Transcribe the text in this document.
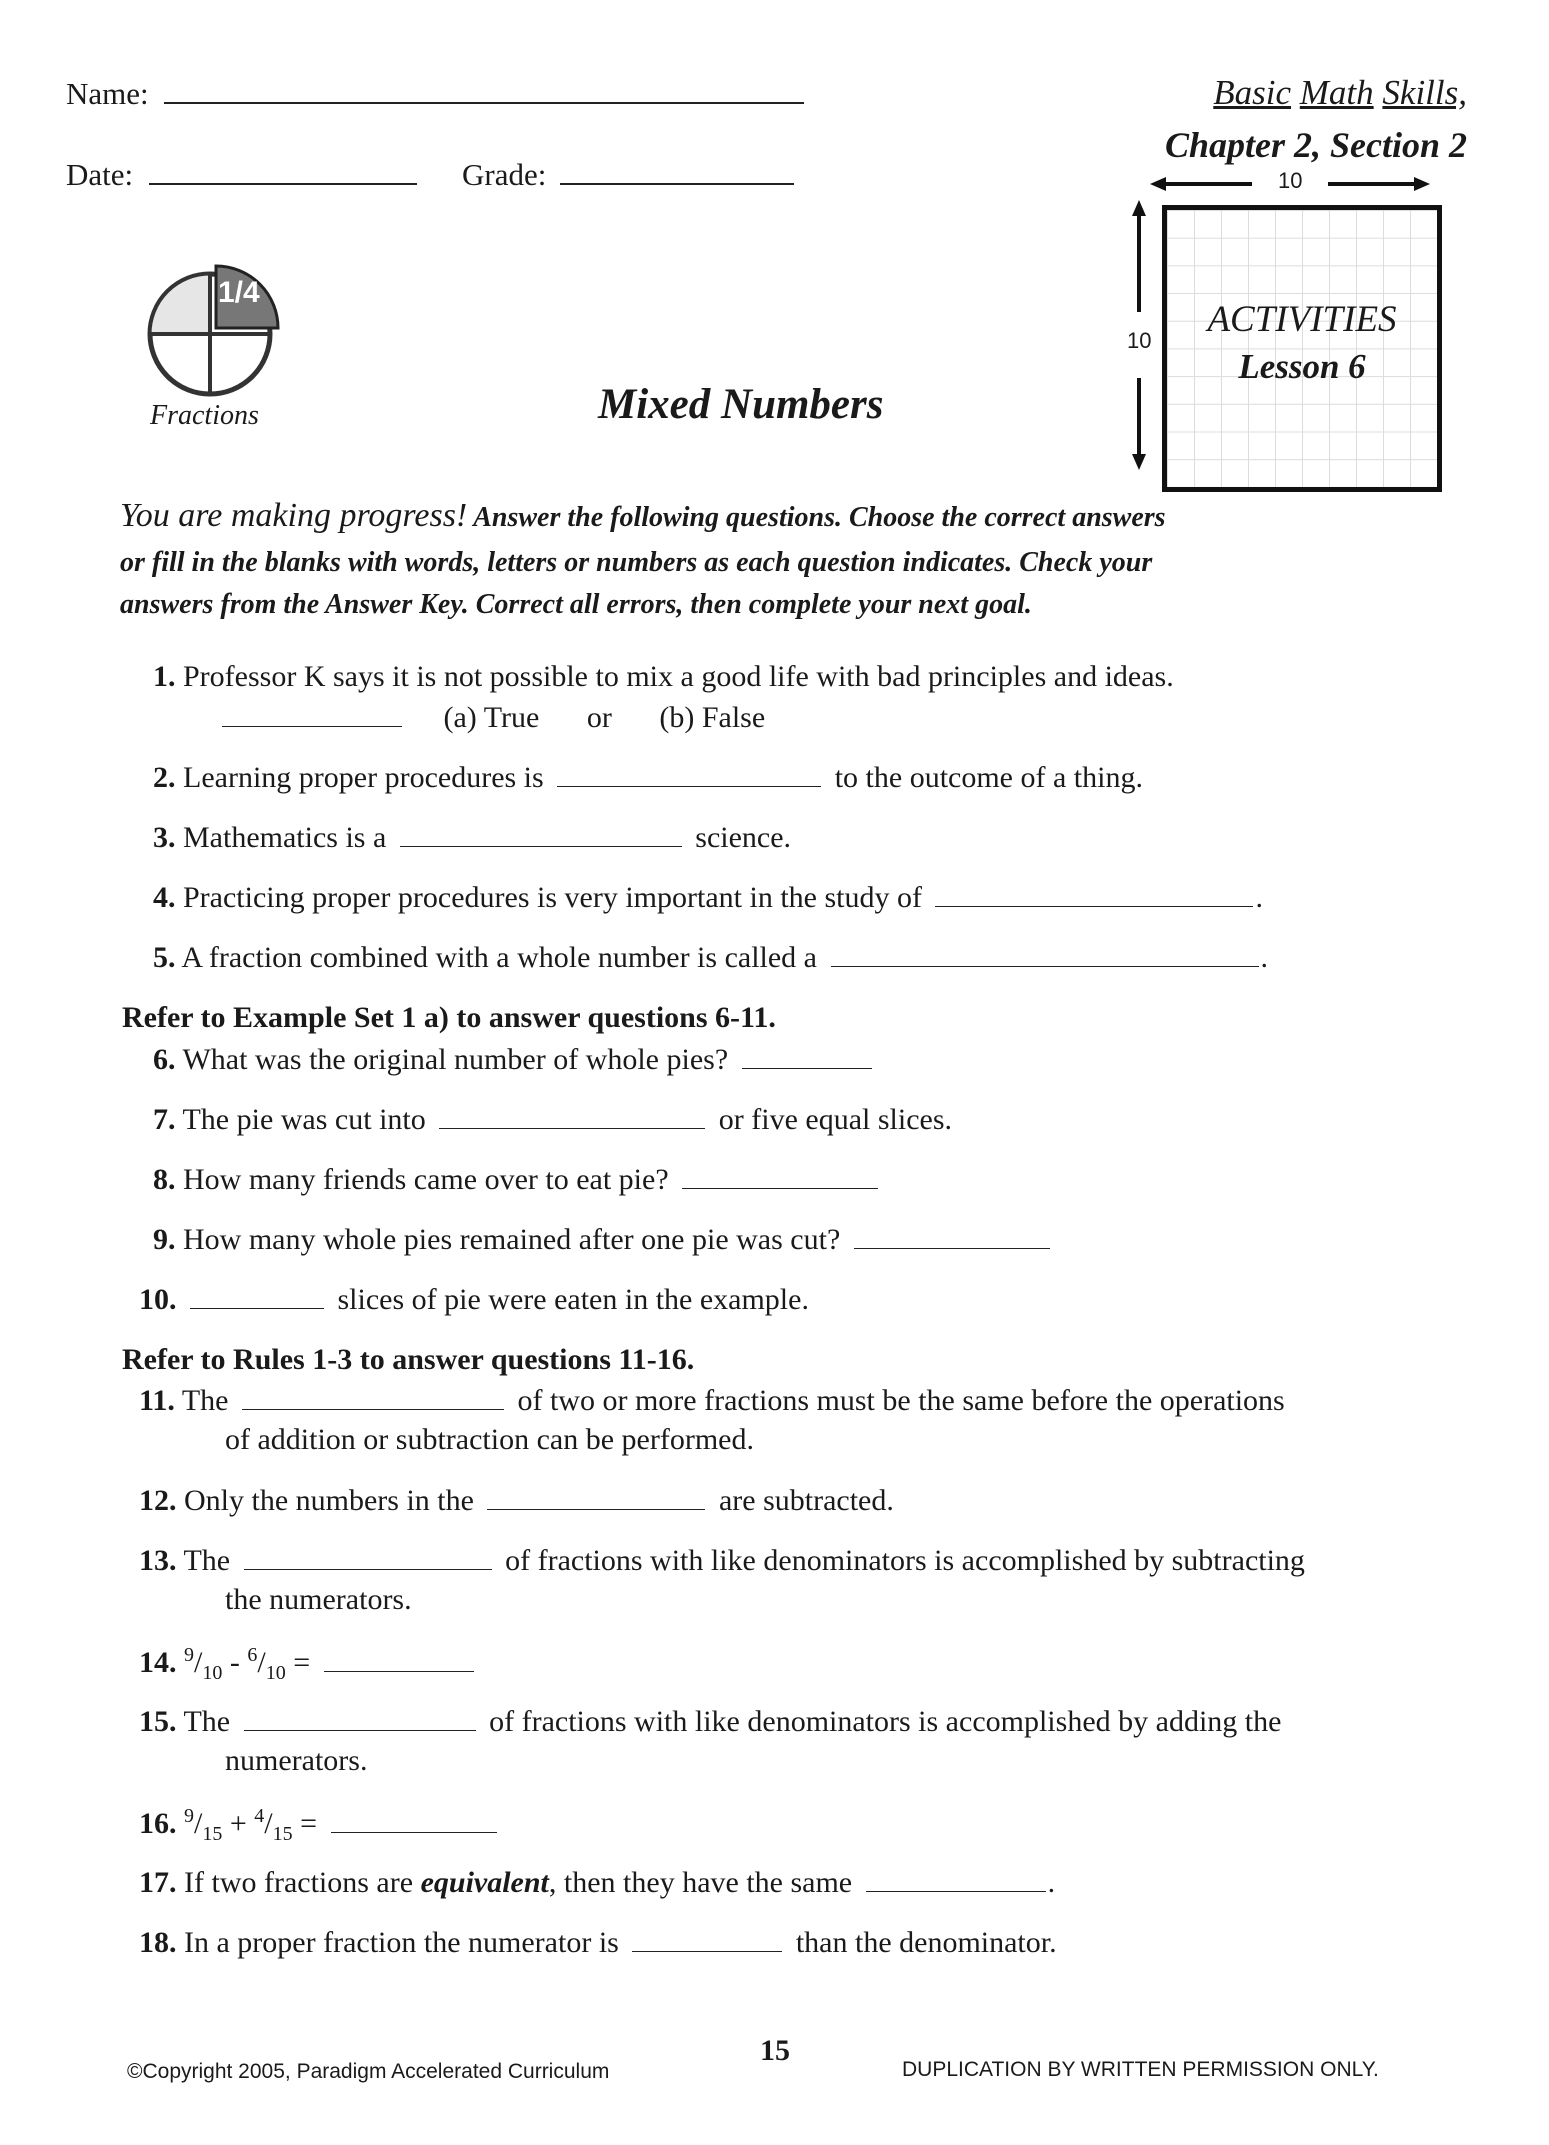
Name:
Date:	Grade:
Basic Math Skills,
Chapter 2, Section 2
1/4
Fractions	Mixed Numbers
10
10
ACTIVITIES
Lesson 6
You are making progress! Answer the following questions. Choose the correct answers
or fill in the blanks with words, letters or numbers as each question indicates. Check your
answers from the Answer Key. Correct all errors, then complete your next goal.
1. Professor K says it is not possible to mix a good life with bad principles and ideas.
(a) True or (b) False
2. Learning proper procedures is	to the outcome of a thing.
3. Mathematics is a	science.
4. Practicing proper procedures is very important in the study of	.
5. A fraction combined with a whole number is called a	.
Refer to Example Set 1 a) to answer questions 6-11.
6. What was the original number of whole pies?
7. The pie was cut into	or five equal slices.
8. How many friends came over to eat pie?
9. How many whole pies remained after one pie was cut?
10.	slices of pie were eaten in the example.
Refer to Rules 1-3 to answer questions 11-16.
11. The	of two or more fractions must be the same before the operations
of addition or subtraction can be performed.
12. Only the numbers in the	are subtracted.
13. The	of fractions with like denominators is accomplished by subtracting
the numerators.
14. $^9/_{10} - ^6/_{10}$ =
15. The	of fractions with like denominators is accomplished by adding the
numerators.
16. $^9/_{15} + ^4/_{15}$ =
17. If two fractions are equivalent, then they have the same	.
18. In a proper fraction the numerator is	than the denominator.
15
©Copyright 2005, Paradigm Accelerated Curriculum	DUPLICATION BY WRITTEN PERMISSION ONLY.
